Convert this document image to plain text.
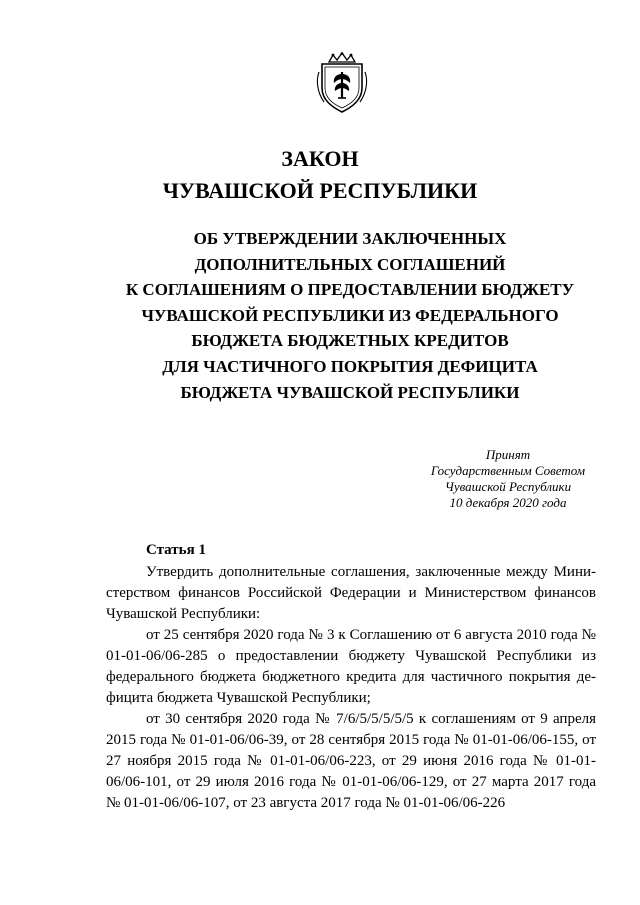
ЗАКОН
ЧУВАШСКОЙ РЕСПУБЛИКИ
ОБ УТВЕРЖДЕНИИ ЗАКЛЮЧЕННЫХ
ДОПОЛНИТЕЛЬНЫХ СОГЛАШЕНИЙ
К СОГЛАШЕНИЯМ О ПРЕДОСТАВЛЕНИИ БЮДЖЕТУ
ЧУВАШСКОЙ РЕСПУБЛИКИ ИЗ ФЕДЕРАЛЬНОГО
БЮДЖЕТА БЮДЖЕТНЫХ КРЕДИТОВ
ДЛЯ ЧАСТИЧНОГО ПОКРЫТИЯ ДЕФИЦИТА
БЮДЖЕТА ЧУВАШСКОЙ РЕСПУБЛИКИ
Принят
Государственным Советом
Чувашской Республики
10 декабря 2020 года
Статья 1

Утвердить дополнительные соглашения, заключенные между Мини-стерством финансов Российской Федерации и Министерством финансов Чувашской Республики:

от 25 сентября 2020 года № 3 к Соглашению от 6 августа 2010 года № 01-01-06/06-285 о предоставлении бюджету Чувашской Республики из федерального бюджета бюджетного кредита для частичного покрытия де-фицита бюджета Чувашской Республики;

от 30 сентября 2020 года № 7/6/5/5/5/5/5 к соглашениям от 9 апреля 2015 года № 01-01-06/06-39, от 28 сентября 2015 года № 01-01-06/06-155, от 27 ноября 2015 года № 01-01-06/06-223, от 29 июня 2016 года № 01-01-06/06-101, от 29 июля 2016 года № 01-01-06/06-129, от 27 марта 2017 года № 01-01-06/06-107, от 23 августа 2017 года № 01-01-06/06-226
